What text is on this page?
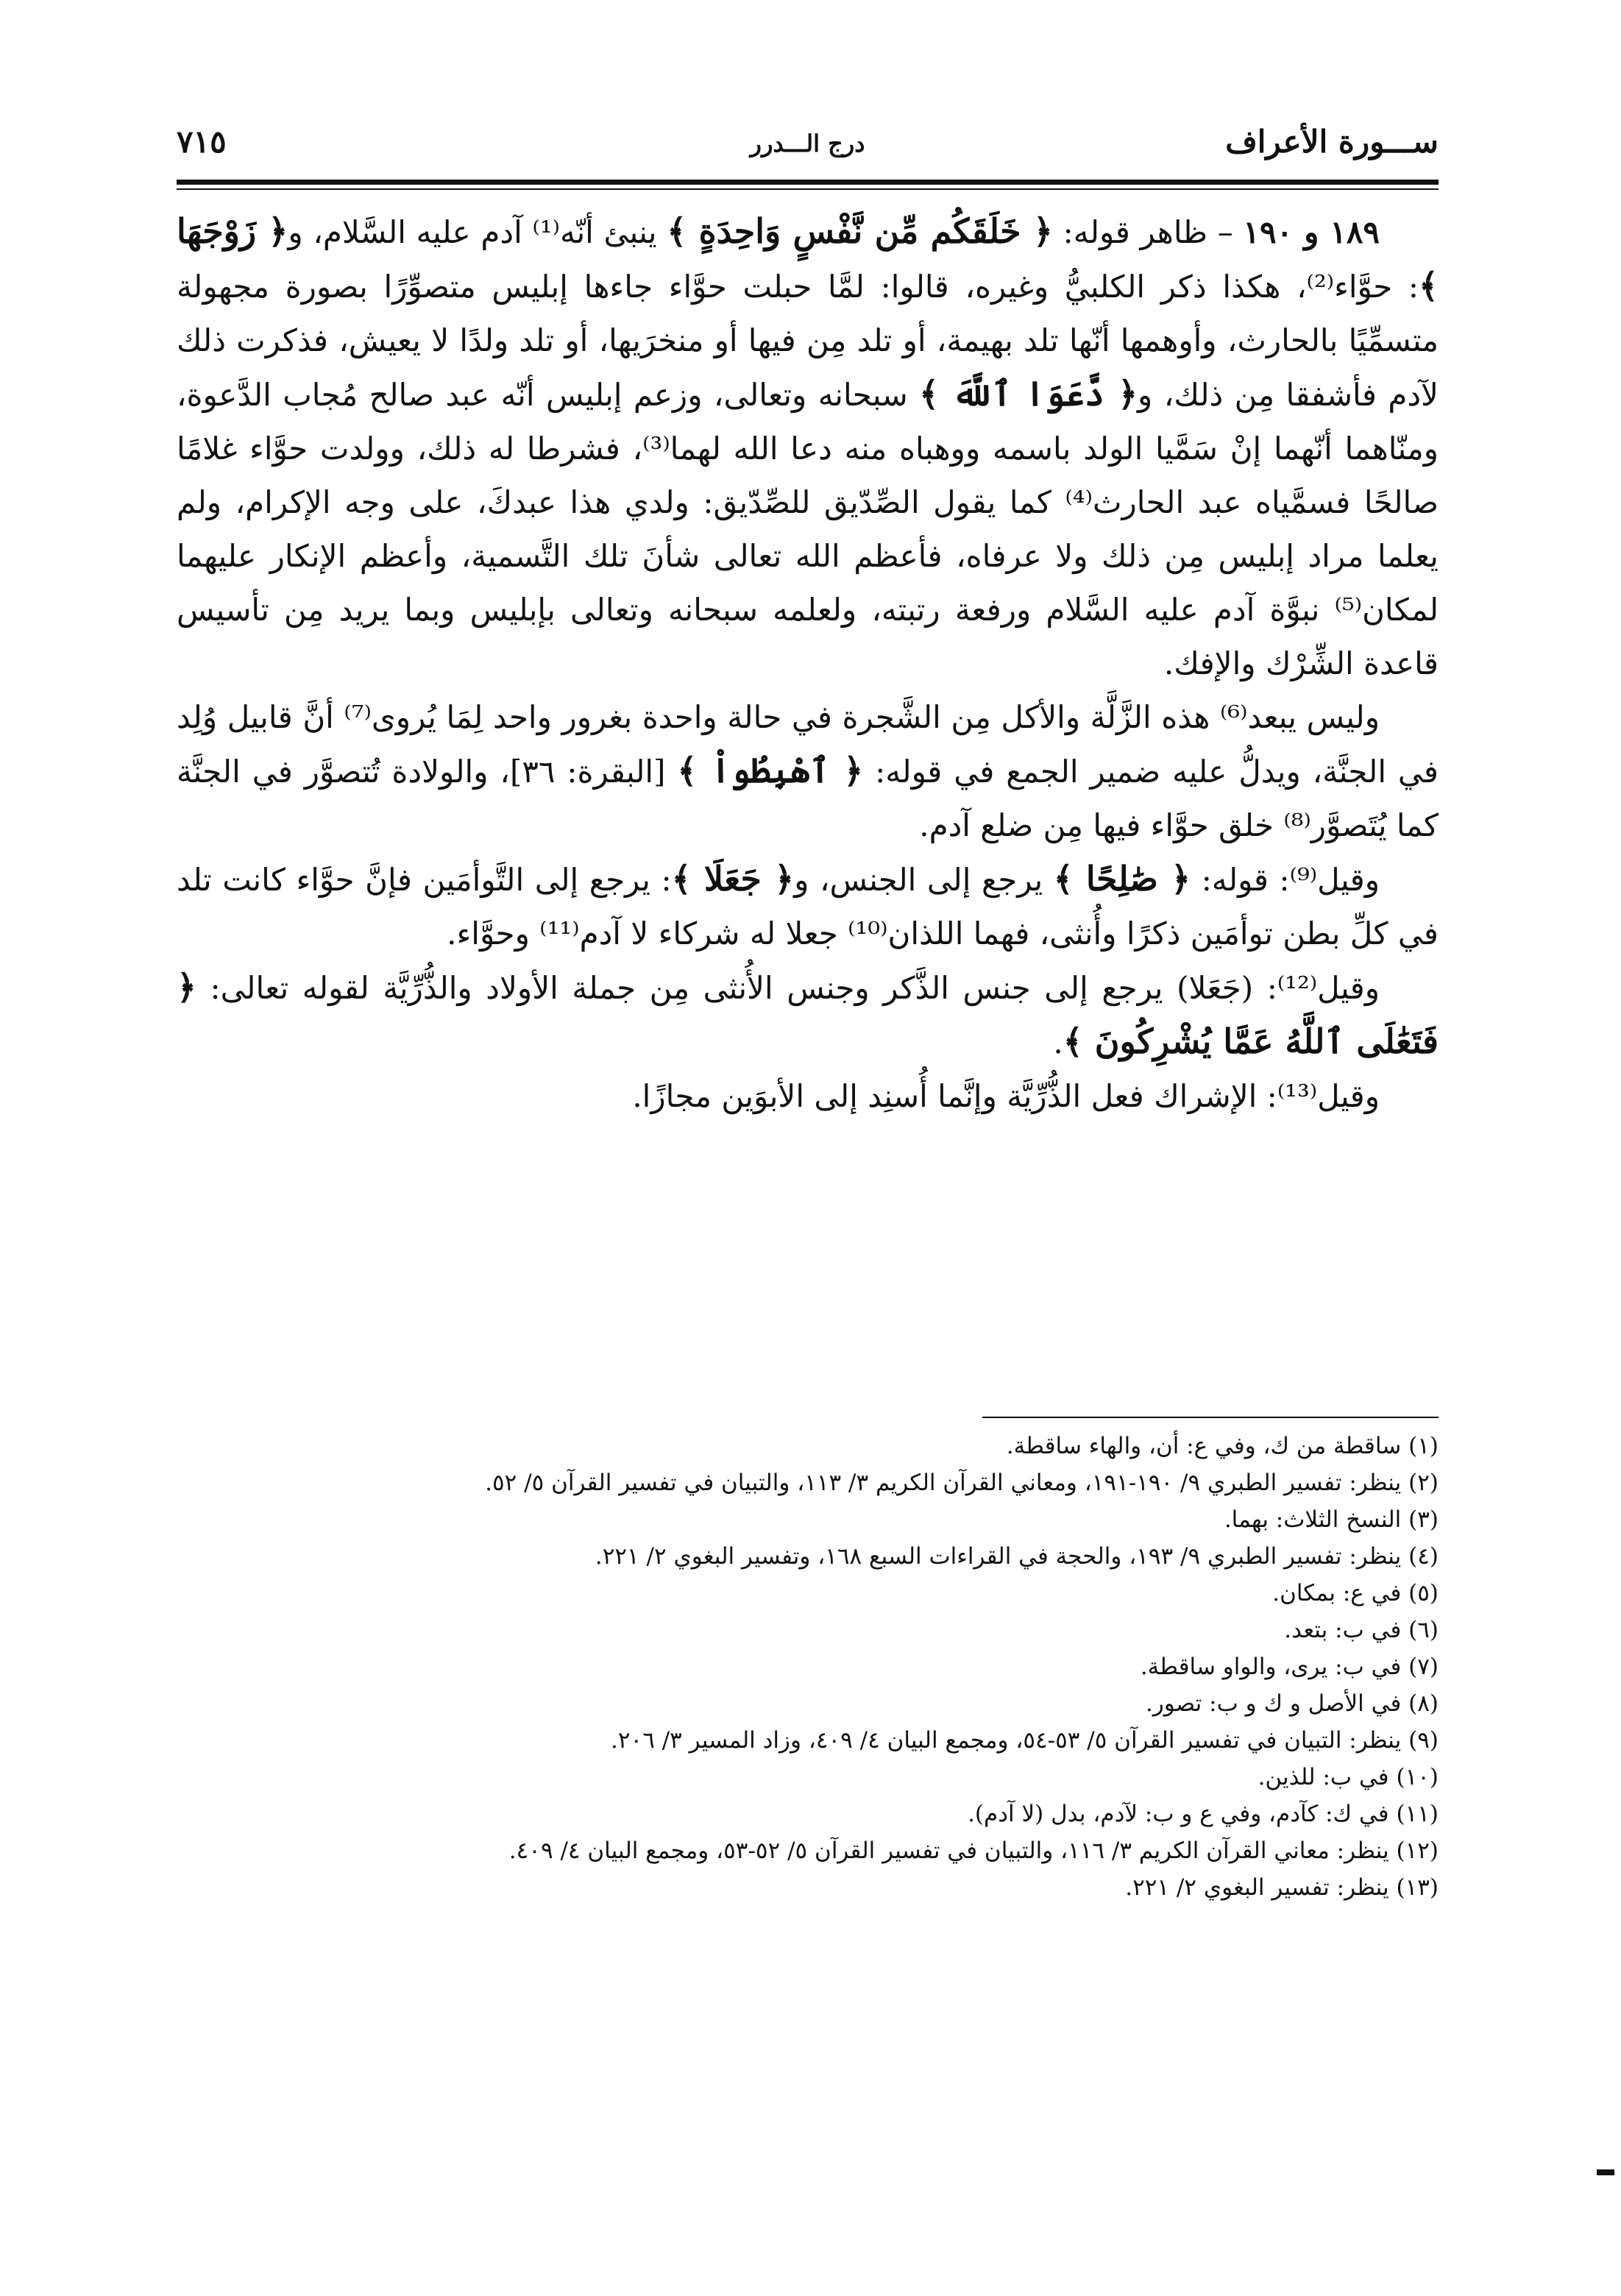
ســـورة الأعراف
درج الـــدرر
٧١٥

١٨٩ و ١٩٠ – ظاهر قوله: ﴿ خَلَقَكُم مِّن نَّفْسٍ وَاحِدَةٍ ﴾ ينبئ أنّه⁽¹⁾ آدم عليه السَّلام، و﴿ زَوْجَهَا ﴾: حوَّاء⁽²⁾، هكذا ذكر الكلبيُّ وغيره، قالوا: لمَّا حبلت حوَّاء جاءها إبليس متصوِّرًا بصورة مجهولة متسمِّيًا بالحارث، وأوهمها أنّها تلد بهيمة، أو تلد مِن فيها أو منخرَيها، أو تلد ولدًا لا يعيش، فذكرت ذلك لآدم فأشفقا مِن ذلك، و﴿ دَّعَوَا ٱللَّهَ ﴾ سبحانه وتعالى، وزعم إبليس أنّه عبد صالح مُجاب الدَّعوة، ومنّاهما أنّهما إنْ سَمَّيا الولد باسمه ووهباه منه دعا الله لهما⁽³⁾، فشرطا له ذلك، وولدت حوَّاء غلامًا صالحًا فسمَّياه عبد الحارث⁽⁴⁾ كما يقول الصِّدّيق للصِّدّيق: ولدي هذا عبدكَ، على وجه الإكرام، ولم يعلما مراد إبليس مِن ذلك ولا عرفاه، فأعظم الله تعالى شأنَ تلك التَّسمية، وأعظم الإنكار عليهما لمكان⁽⁵⁾ نبوَّة آدم عليه السَّلام ورفعة رتبته، ولعلمه سبحانه وتعالى بإبليس وبما يريد مِن تأسيس قاعدة الشِّرْك والإفك.

وليس يبعد⁽⁶⁾ هذه الزَّلَّة والأكل مِن الشَّجرة في حالة واحدة بغرور واحد لِمَا يُروى⁽⁷⁾ أنَّ قابيل وُلِد في الجنَّة، ويدلُّ عليه ضمير الجمع في قوله: ﴿ ٱهْبِطُواْ ﴾ [البقرة: ٣٦]، والولادة تُتصوَّر في الجنَّة كما يُتَصوَّر⁽⁸⁾ خلق حوَّاء فيها مِن ضلع آدم.

وقيل⁽⁹⁾: قوله: ﴿ صَٰلِحًا ﴾ يرجع إلى الجنس، و﴿ جَعَلَا ﴾: يرجع إلى التَّوأمَين فإنَّ حوَّاء كانت تلد في كلِّ بطن توأمَين ذكرًا وأُنثى، فهما اللذان⁽¹⁰⁾ جعلا له شركاء لا آدم⁽¹¹⁾ وحوَّاء.

وقيل⁽¹²⁾: (جَعَلا) يرجع إلى جنس الذَّكر وجنس الأُنثى مِن جملة الأولاد والذُّرِّيَّة لقوله تعالى: ﴿ فَتَعَٰلَى ٱللَّهُ عَمَّا يُشْرِكُونَ ﴾.

وقيل⁽¹³⁾: الإشراك فعل الذُّرِّيَّة وإنَّما أُسنِد إلى الأبوَين مجازًا.

(١) ساقطة من ك، وفي ع: أن، والهاء ساقطة.
(٢) ينظر: تفسير الطبري ٩/ ١٩٠-١٩١، ومعاني القرآن الكريم ٣/ ١١٣، والتبيان في تفسير القرآن ٥/ ٥٢.
(٣) النسخ الثلاث: بهما.
(٤) ينظر: تفسير الطبري ٩/ ١٩٣، والحجة في القراءات السبع ١٦٨، وتفسير البغوي ٢/ ٢٢١.
(٥) في ع: بمكان.
(٦) في ب: بتعد.
(٧) في ب: يرى، والواو ساقطة.
(٨) في الأصل و ك و ب: تصور.
(٩) ينظر: التبيان في تفسير القرآن ٥/ ٥٣-٥٤، ومجمع البيان ٤/ ٤٠٩، وزاد المسير ٣/ ٢٠٦.
(١٠) في ب: للذين.
(١١) في ك: كآدم، وفي ع و ب: لآدم، بدل (لا آدم).
(١٢) ينظر: معاني القرآن الكريم ٣/ ١١٦، والتبيان في تفسير القرآن ٥/ ٥٢-٥٣، ومجمع البيان ٤/ ٤٠٩.
(١٣) ينظر: تفسير البغوي ٢/ ٢٢١.
